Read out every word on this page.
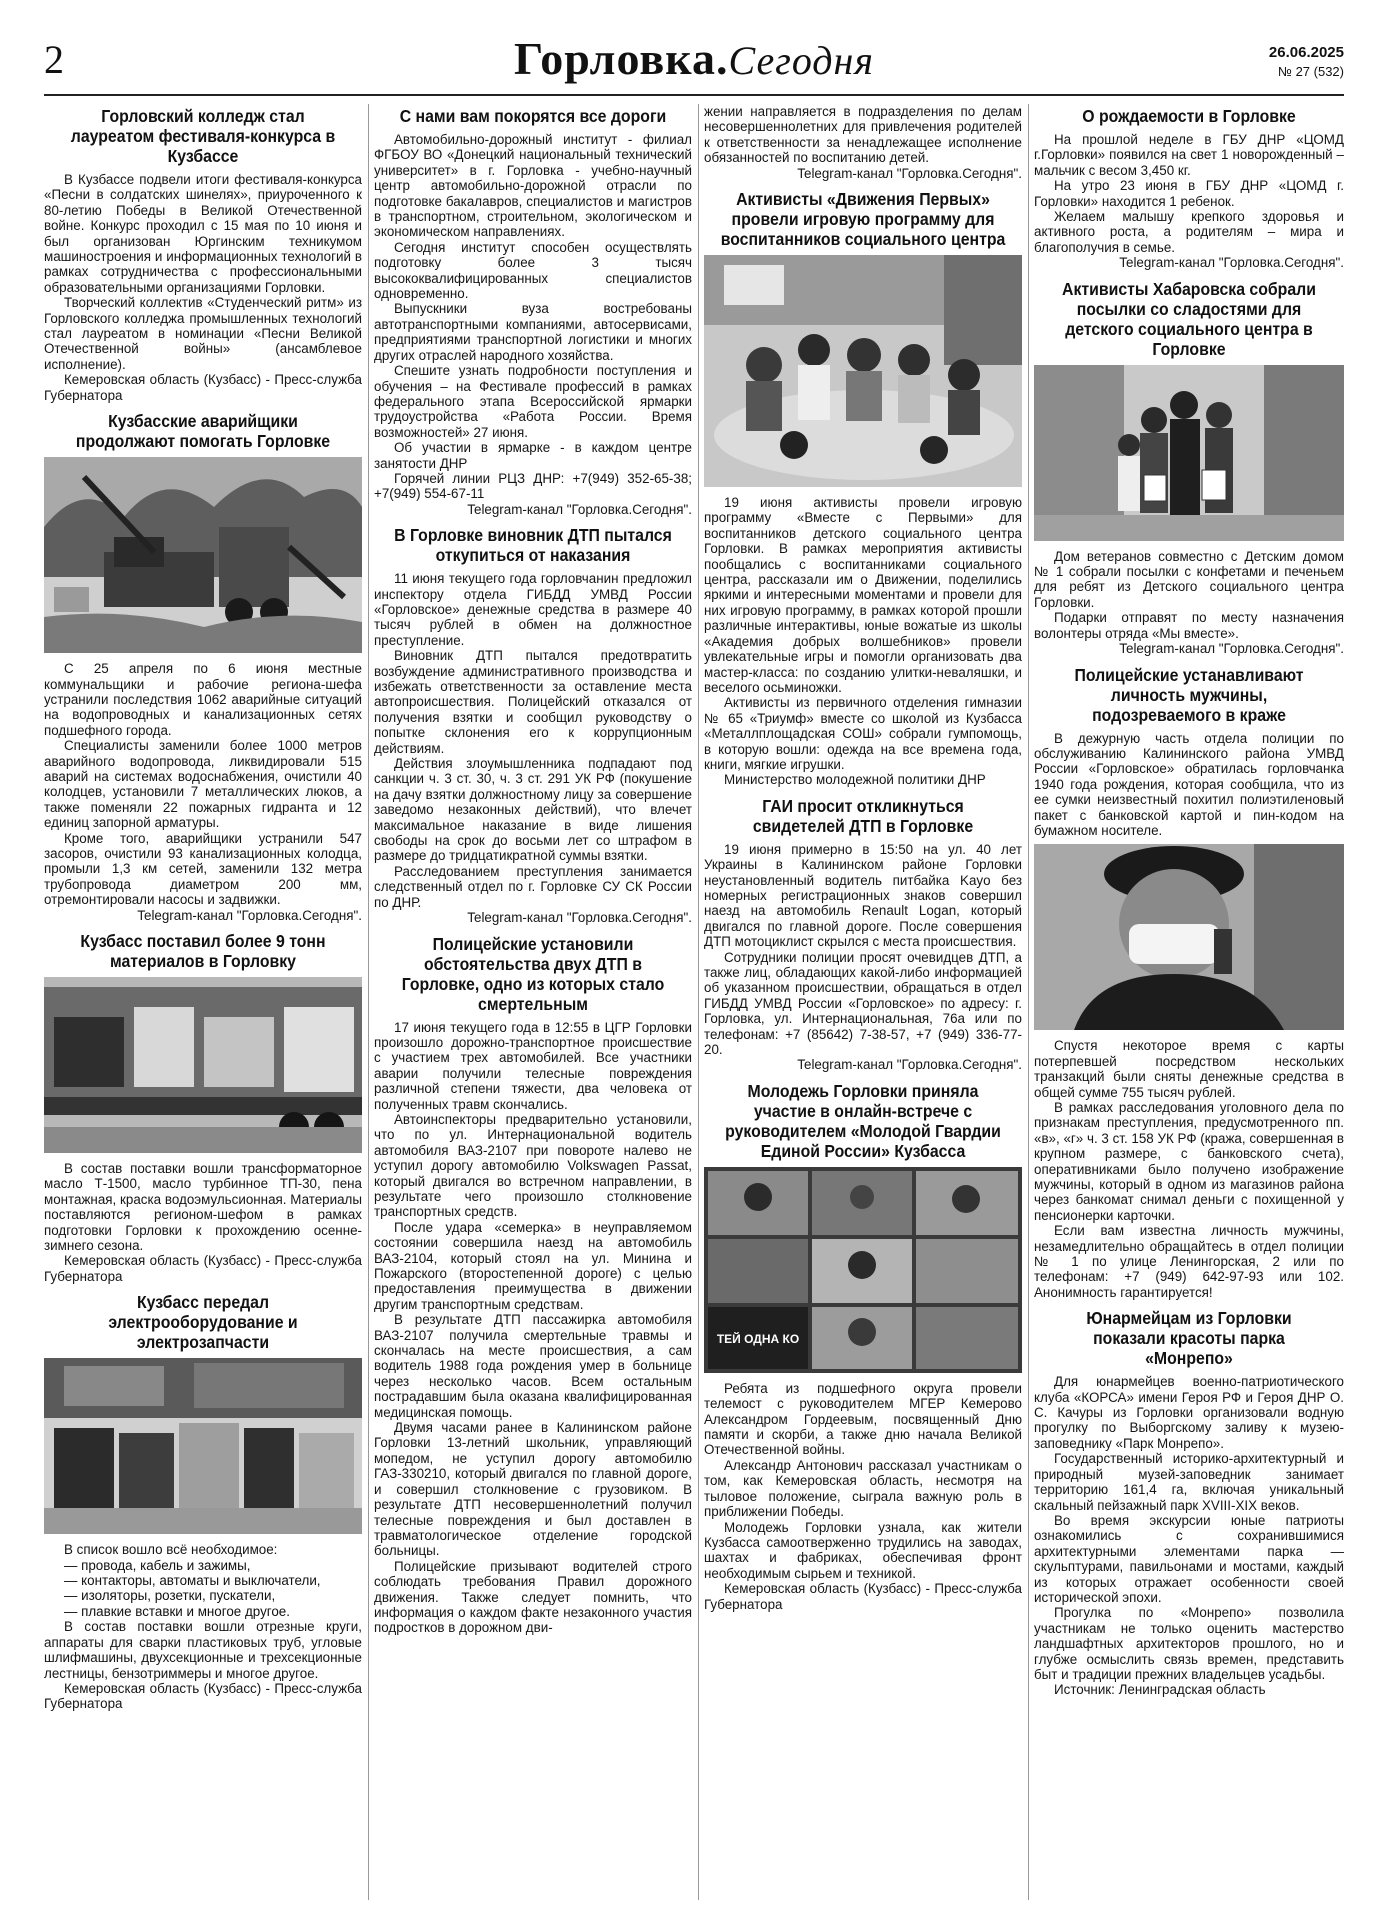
2	Горловка.Сегодня	26.06.2025
№ 27 (532)
Горловский колледж стал лауреатом фестиваля-конкурса в Кузбассе

В Кузбассе подвели итоги фестиваля-конкурса «Песни в солдатских шинелях», приуроченного к 80-летию Победы в Великой Отечественной войне. Конкурс проходил с 15 мая по 10 июня и был организован Юргинским техникумом машиностроения и информационных технологий в рамках сотрудничества с профессиональными образовательными организациями Горловки.

Творческий коллектив «Студенческий ритм» из Горловского колледжа промышленных технологий стал лауреатом в номинации «Песни Великой Отечественной войны» (ансамблевое исполнение).

Кемеровская область (Кузбасс) - Пресс-служба Губернатора

Кузбасские аварийщики продолжают помогать Горловке

С 25 апреля по 6 июня местные коммунальщики и рабочие региона-шефа устранили последствия 1062 аварийные ситуаций на водопроводных и канализационных сетях подшефного города.

Специалисты заменили более 1000 метров аварийного водопровода, ликвидировали 515 аварий на системах водоснабжения, очистили 40 колодцев, установили 7 металлических люков, а также поменяли 22 пожарных гидранта и 12 единиц запорной арматуры.

Кроме того, аварийщики устранили 547 засоров, очистили 93 канализационных колодца, промыли 1,3 км сетей, заменили 132 метра трубопровода диаметром 200 мм, отремонтировали насосы и задвижки.

Telegram-канал "Горловка.Сегодня".

Кузбасс поставил более 9 тонн материалов в Горловку

В состав поставки вошли трансформаторное масло Т-1500, масло турбинное ТП-30, пена монтажная, краска водоэмульсионная. Материалы поставляются регионом-шефом в рамках подготовки Горловки к прохождению осенне-зимнего сезона.

Кемеровская область (Кузбасс) - Пресс-служба Губернатора

Кузбасс передал электрооборудование и электрозапчасти

В список вошло всё необходимое:

— провода, кабель и зажимы,
— контакторы, автоматы и выключатели,
— изоляторы, розетки, пускатели,
— плавкие вставки и многое другое.

В состав поставки вошли отрезные круги, аппараты для сварки пластиковых труб, угловые шлифмашины, двухсекционные и трехсекционные лестницы, бензотриммеры и многое другое.

Кемеровская область (Кузбасс) - Пресс-служба Губернатора

С нами вам покорятся все дороги

Автомобильно-дорожный институт - филиал ФГБОУ ВО «Донецкий национальный технический университет» в г. Горловка - учебно-научный центр автомобильно-дорожной отрасли по подготовке бакалавров, специалистов и магистров в транспортном, строительном, экологическом и экономическом направлениях.

Сегодня институт способен осуществлять подготовку более 3 тысяч высококвалифицированных специалистов одновременно.

Выпускники вуза востребованы автотранспортными компаниями, автосервисами, предприятиями транспортной логистики и многих других отраслей народного хозяйства.

Спешите узнать подробности поступления и обучения – на Фестивале профессий в рамках федерального этапа Всероссийской ярмарки трудоустройства «Работа России. Время возможностей» 27 июня.

Об участии в ярмарке - в каждом центре занятости ДНР

Горячей линии РЦЗ ДНР: +7(949) 352-65-38; +7(949) 554-67-11

Telegram-канал "Горловка.Сегодня".

В Горловке виновник ДТП пытался откупиться от наказания

11 июня текущего года горловчанин предложил инспектору отдела ГИБДД УМВД России «Горловское» денежные средства в размере 40 тысяч рублей в обмен на должностное преступление.

Виновник ДТП пытался предотвратить возбуждение административного производства и избежать ответственности за оставление места автопроисшествия. Полицейский отказался от получения взятки и сообщил руководству о попытке склонения его к коррупционным действиям.

Действия злоумышленника подпадают под санкции ч. 3 ст. 30, ч. 3 ст. 291 УК РФ (покушение на дачу взятки должностному лицу за совершение заведомо незаконных действий), что влечет максимальное наказание в виде лишения свободы на срок до восьми лет со штрафом в размере до тридцатикратной суммы взятки.

Расследованием преступления занимается следственный отдел по г. Горловке СУ СК России по ДНР.

Telegram-канал "Горловка.Сегодня".

Полицейские установили обстоятельства двух ДТП в Горловке, одно из которых стало смертельным

17 июня текущего года в 12:55 в ЦГР Горловки произошло дорожно-транспортное происшествие с участием трех автомобилей. Все участники аварии получили телесные повреждения различной степени тяжести, два человека от полученных травм скончались.

Автоинспекторы предварительно установили, что по ул. Интернациональной водитель автомобиля ВАЗ-2107 при повороте налево не уступил дорогу автомобилю Volkswagen Passat, который двигался во встречном направлении, в результате чего произошло столкновение транспортных средств.

После удара «семерка» в неуправляемом состоянии совершила наезд на автомобиль ВАЗ-2104, который стоял на ул. Минина и Пожарского (второстепенной дороге) с целью предоставления преимущества в движении другим транспортным средствам.

В результате ДТП пассажирка автомобиля ВАЗ-2107 получила смертельные травмы и скончалась на месте происшествия, а сам водитель 1988 года рождения умер в больнице через несколько часов. Всем остальным пострадавшим была оказана квалифицированная медицинская помощь.

Двумя часами ранее в Калининском районе Горловки 13-летний школьник, управляющий мопедом, не уступил дорогу автомобилю ГАЗ-330210, который двигался по главной дороге, и совершил столкновение с грузовиком. В результате ДТП несовершеннолетний получил телесные повреждения и был доставлен в травматологическое отделение городской больницы.

Полицейские призывают водителей строго соблюдать требования Правил дорожного движения. Также следует помнить, что информация о каждом факте незаконного участия подростков в дорожном дви-

жении направляется в подразделения по делам несовершеннолетних для привлечения родителей к ответственности за ненадлежащее исполнение обязанностей по воспитанию детей.

Telegram-канал "Горловка.Сегодня".

Активисты «Движения Первых» провели игровую программу для воспитанников социального центра

19 июня активисты провели игровую программу «Вместе с Первыми» для воспитанников детского социального центра Горловки. В рамках мероприятия активисты пообщались с воспитанниками социального центра, рассказали им о Движении, поделились яркими и интересными моментами и провели для них игровую программу, в рамках которой прошли различные интерактивы, юные вожатые из школы «Академия добрых волшебников» провели увлекательные игры и помогли организовать два мастер-класса: по созданию улитки-неваляшки, и веселого осьминожки.

Активисты из первичного отделения гимназии № 65 «Триумф» вместе со школой из Кузбасса «Металлплощадская СОШ» собрали гумпомощь, в которую вошли: одежда на все времена года, книги, мягкие игрушки.

Министерство молодежной политики ДНР

ГАИ просит откликнуться свидетелей ДТП в Горловке

19 июня примерно в 15:50 на ул. 40 лет Украины в Калининском районе Горловки неустановленный водитель питбайка Kayo без номерных регистрационных знаков совершил наезд на автомобиль Renault Logan, который двигался по главной дороге. После совершения ДТП мотоциклист скрылся с места происшествия.

Сотрудники полиции просят очевидцев ДТП, а также лиц, обладающих какой-либо информацией об указанном происшествии, обращаться в отдел ГИБДД УМВД России «Горловское» по адресу: г. Горловка, ул. Интернациональная, 76а или по телефонам: +7 (85642) 7-38-57, +7 (949) 336-77-20.

Telegram-канал "Горловка.Сегодня".

Молодежь Горловки приняла участие в онлайн-встрече с руководителем «Молодой Гвардии Единой России» Кузбасса
ТЕЙ ОДНА КО

Ребята из подшефного округа провели телемост с руководителем МГЕР Кемерово Александром Гордеевым, посвященный Дню памяти и скорби, а также дню начала Великой Отечественной войны.

Александр Антонович рассказал участникам о том, как Кемеровская область, несмотря на тыловое положение, сыграла важную роль в приближении Победы.

Молодежь Горловки узнала, как жители Кузбасса самоотверженно трудились на заводах, шахтах и фабриках, обеспечивая фронт необходимым сырьем и техникой.

Кемеровская область (Кузбасс) - Пресс-служба Губернатора

О рождаемости в Горловке

На прошлой неделе в ГБУ ДНР «ЦОМД г.Горловки» появился на свет 1 новорожденный – мальчик с весом 3,450 кг.

На утро 23 июня в ГБУ ДНР «ЦОМД г. Горловки» находится 1 ребенок.

Желаем малышу крепкого здоровья и активного роста, а родителям – мира и благополучия в семье.

Telegram-канал "Горловка.Сегодня".

Активисты Хабаровска собрали посылки со сладостями для детского социального центра в Горловке

Дом ветеранов совместно с Детским домом № 1 собрали посылки с конфетами и печеньем для ребят из Детского социального центра Горловки.

Подарки отправят по месту назначения волонтеры отряда «Мы вместе».

Telegram-канал "Горловка.Сегодня".

Полицейские устанавливают личность мужчины, подозреваемого в краже

В дежурную часть отдела полиции по обслуживанию Калининского района УМВД России «Горловское» обратилась горловчанка 1940 года рождения, которая сообщила, что из ее сумки неизвестный похитил полиэтиленовый пакет с банковской картой и пин-кодом на бумажном носителе.

Спустя некоторое время с карты потерпевшей посредством нескольких транзакций были сняты денежные средства в общей сумме 755 тысяч рублей.

В рамках расследования уголовного дела по признакам преступления, предусмотренного пп. «в», «г» ч. 3 ст. 158 УК РФ (кража, совершенная в крупном размере, с банковского счета), оперативниками было получено изображение мужчины, который в одном из магазинов района через банкомат снимал деньги с похищенной у пенсионерки карточки.

Если вам известна личность мужчины, незамедлительно обращайтесь в отдел полиции № 1 по улице Ленингорская, 2 или по телефонам: +7 (949) 642-97-93 или 102. Анонимность гарантируется!

Юнармейцам из Горловки показали красоты парка «Монрепо»

Для юнармейцев военно-патриотического клуба «КОРСА» имени Героя РФ и Героя ДНР О. С. Качуры из Горловки организовали водную прогулку по Выборгскому заливу к музею-заповеднику «Парк Монрепо».

Государственный историко-архитектурный и природный музей-заповедник занимает территорию 161,4 га, включая уникальный скальный пейзажный парк XVIII-XIX веков.

Во время экскурсии юные патриоты ознакомились с сохранившимися архитектурными элементами парка — скульптурами, павильонами и мостами, каждый из которых отражает особенности своей исторической эпохи.

Прогулка по «Монрепо» позволила участникам не только оценить мастерство ландшафтных архитекторов прошлого, но и глубже осмыслить связь времен, представить быт и традиции прежних владельцев усадьбы.

Источник: Ленинградская область
